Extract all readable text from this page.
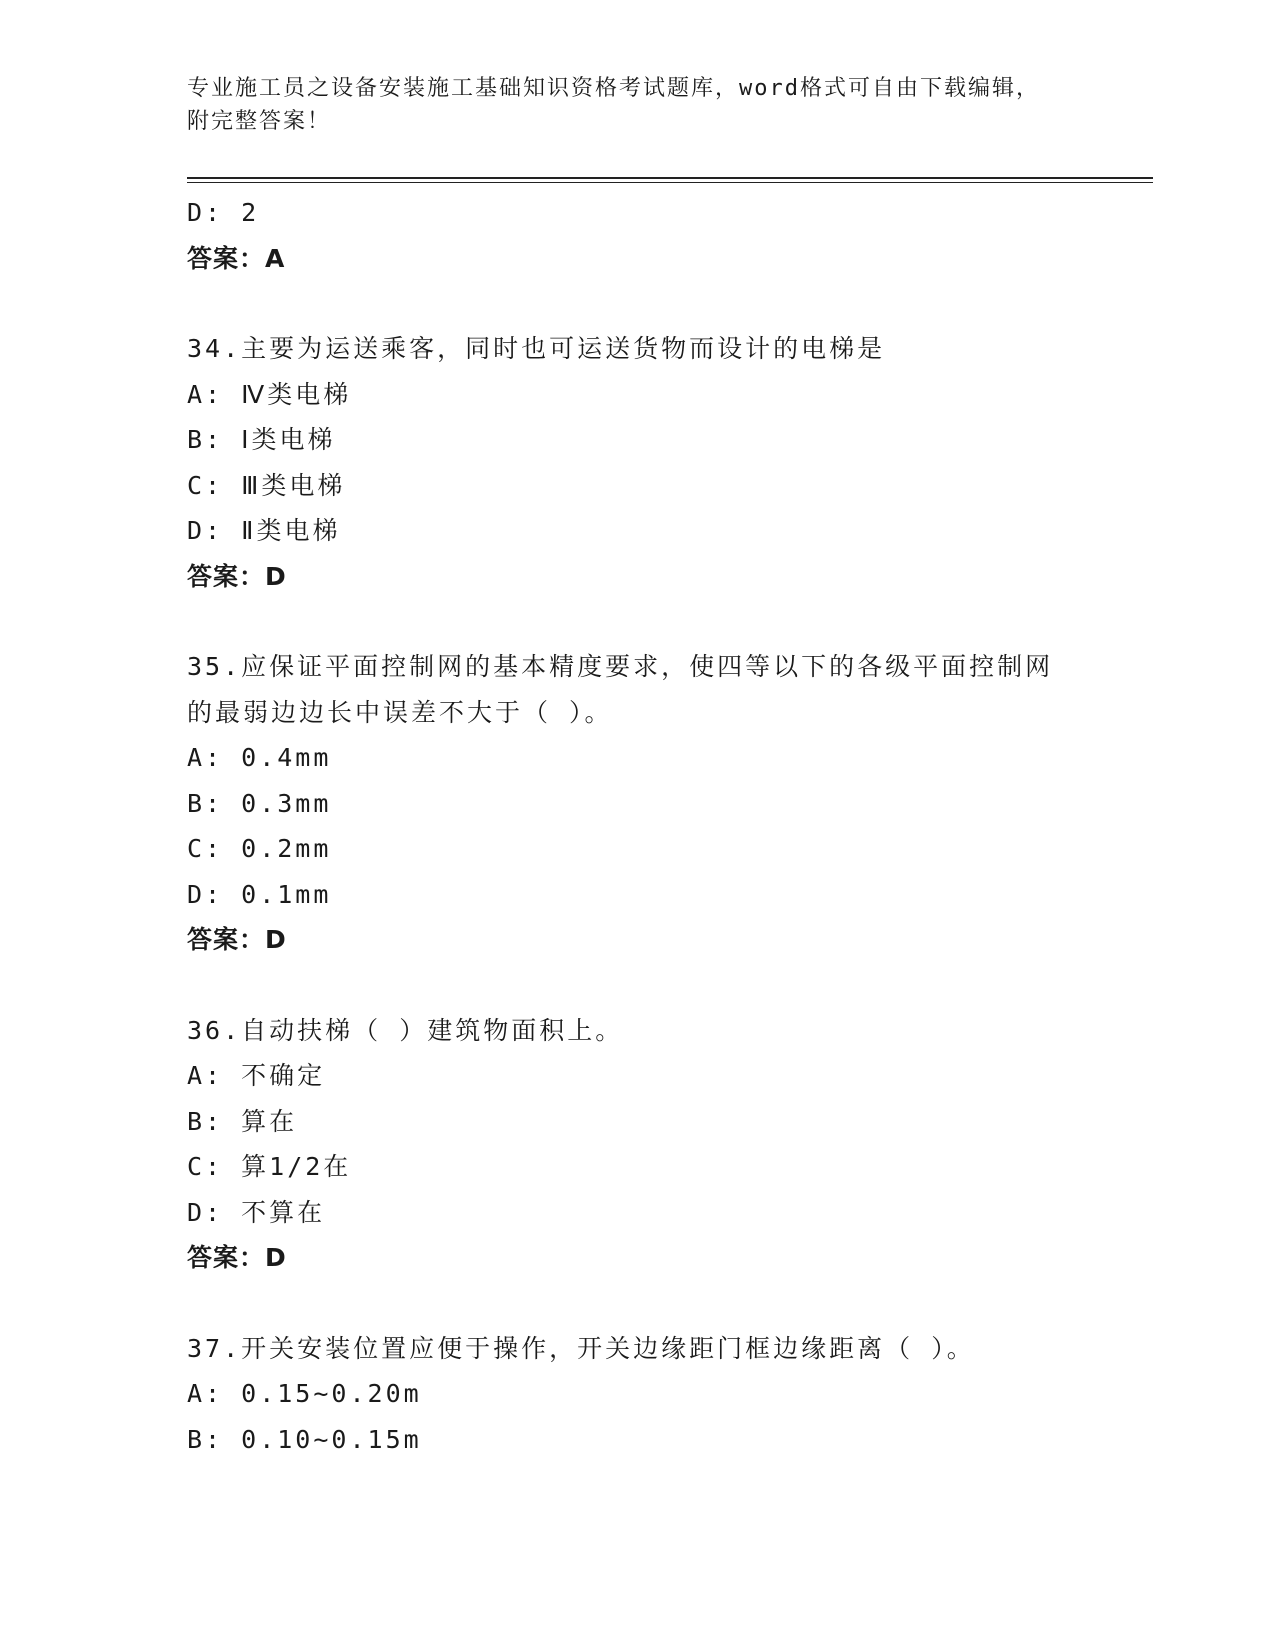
专业施工员之设备安装施工基础知识资格考试题库，word格式可自由下载编辑，
附完整答案！
D: 2
答案：A
34.主要为运送乘客，同时也可运送货物而设计的电梯是
A: Ⅳ类电梯
B: Ⅰ类电梯
C: Ⅲ类电梯
D: Ⅱ类电梯
答案：D
35.应保证平面控制网的基本精度要求，使四等以下的各级平面控制网
的最弱边边长中误差不大于（ ）。
A: 0.4mm
B: 0.3mm
C: 0.2mm
D: 0.1mm
答案：D
36.自动扶梯（ ）建筑物面积上。
A: 不确定
B: 算在
C: 算1/2在
D: 不算在
答案：D
37.开关安装位置应便于操作，开关边缘距门框边缘距离（ ）。
A: 0.15~0.20m
B: 0.10~0.15m
